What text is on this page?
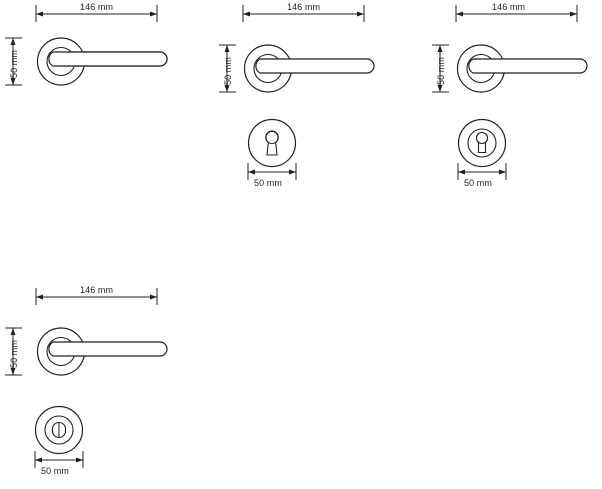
146 mm
50 mm
146 mm
50 mm
50 mm
146 mm
50 mm
50 mm
146 mm
50 mm
50 mm
